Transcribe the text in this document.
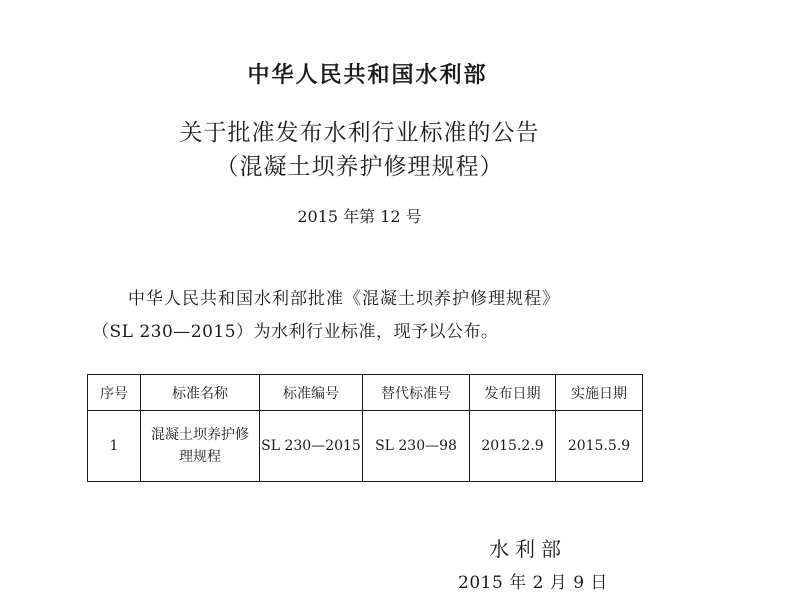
中华人民共和国水利部
关于批准发布水利行业标准的公告
（混凝土坝养护修理规程）
2015 年第 12 号
中华人民共和国水利部批准《混凝土坝养护修理规程》
（SL 230—2015）为水利行业标准，现予以公布。
序号	标准名称	标准编号	替代标准号	发布日期	实施日期
1	混凝土坝养护修理规程	SL 230—2015	SL 230—98	2015.2.9	2015.5.9
水利部
2015 年 2 月 9 日
